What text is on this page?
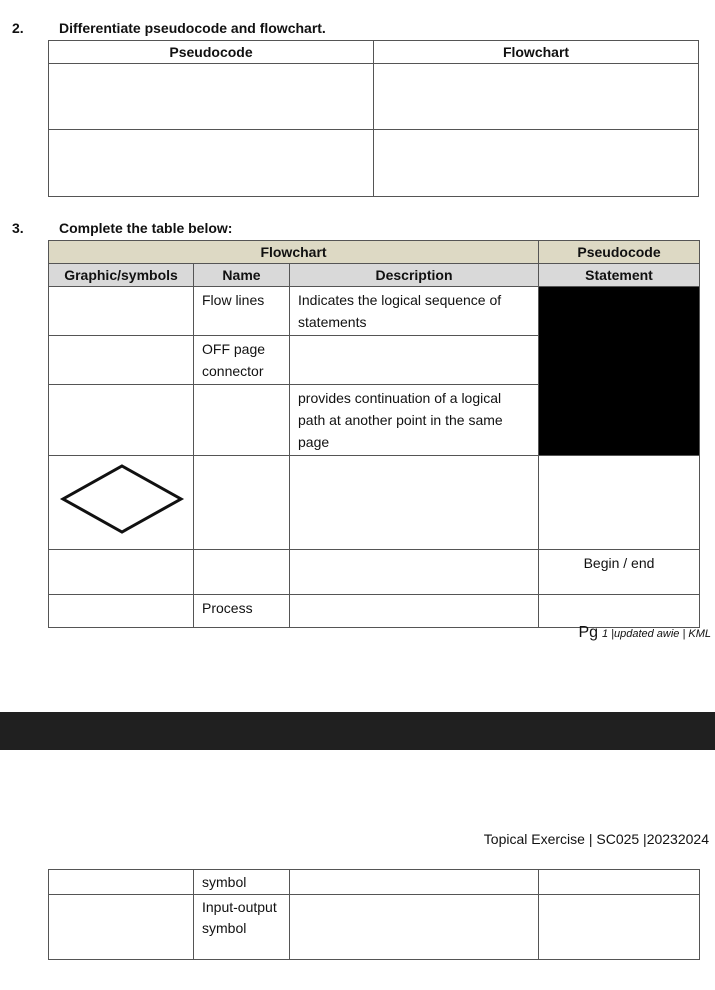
2.	Differentiate pseudocode and flowchart.
Pseudocode	Flowchart

3.	Complete the table below:
Flowchart			Pseudocode
Graphic/symbols	Name	Description	Statement
	Flow lines	Indicates the logical sequence of statements	
	OFF page connector		
		provides continuation of a logical path at another point in the same page	

			Begin / end
	Process		
Pg 1 |updated awie | KML
Topical Exercise | SC025 |20232024
	symbol		
	Input-output symbol		
